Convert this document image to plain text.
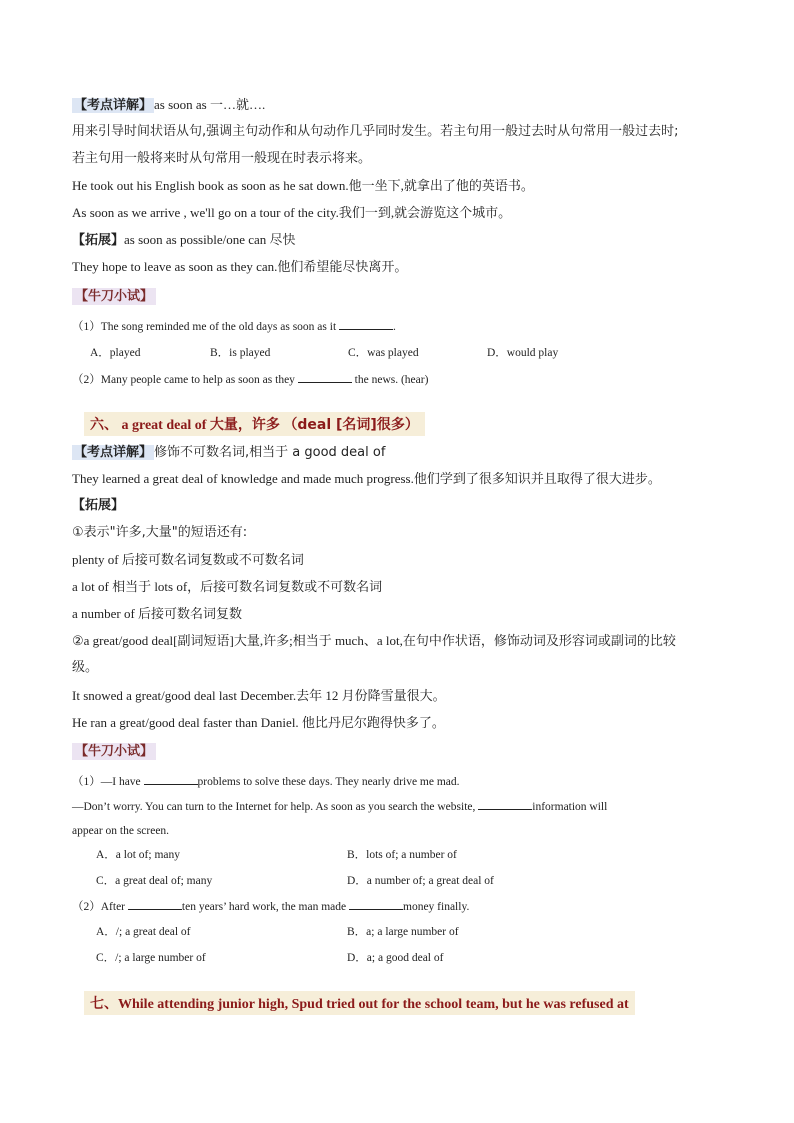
【考点详解】 as soon as 一…就….
用来引导时间状语从句,强调主句动作和从句动作几乎同时发生。若主句用一般过去时从句常用一般过去时;
若主句用一般将来时从句常用一般现在时表示将来。
He took out his English book as soon as he sat down.他一坐下,就拿出了他的英语书。
As soon as we arrive , we'll go on a tour of the city.我们一到,就会游览这个城市。
【拓展】as soon as possible/one can 尽快
They hope to leave as soon as they can.他们希望能尽快离开。
【牛刀小试】
（1）The song reminded me of the old days as soon as it	.
A．played	B．is played	C．was played	D．would play
（2）Many people came to help as soon as they	the news. (hear)
六、 a great deal of 大量，许多 （deal [名词]很多）
【考点详解】 修饰不可数名词,相当于 a good deal of
They learned a great deal of knowledge and made much progress.他们学到了很多知识并且取得了很大进步。
【拓展】
①表示"许多,大量"的短语还有:
plenty of 后接可数名词复数或不可数名词
a lot of 相当于 lots of，后接可数名词复数或不可数名词
a number of 后接可数名词复数
②a great/good deal[副词短语]大量,许多;相当于 much、a lot,在句中作状语，修饰动词及形容词或副词的比较
级。
It snowed a great/good deal last December.去年 12 月份降雪量很大。
He ran a great/good deal faster than Daniel. 他比丹尼尔跑得快多了。
【牛刀小试】
（1）—I have	problems to solve these days. They nearly drive me mad.
—Don’t worry. You can turn to the Internet for help. As soon as you search the website,	information will
appear on the screen.
A．a lot of; many	B．lots of; a number of
C．a great deal of; many	D．a number of; a great deal of
（2）After	ten years’ hard work, the man made	money finally.
A．/; a great deal of	B．a; a large number of
C．/; a large number of	D．a; a good deal of
七、While attending junior high, Spud tried out for the school team, but he was refused at
